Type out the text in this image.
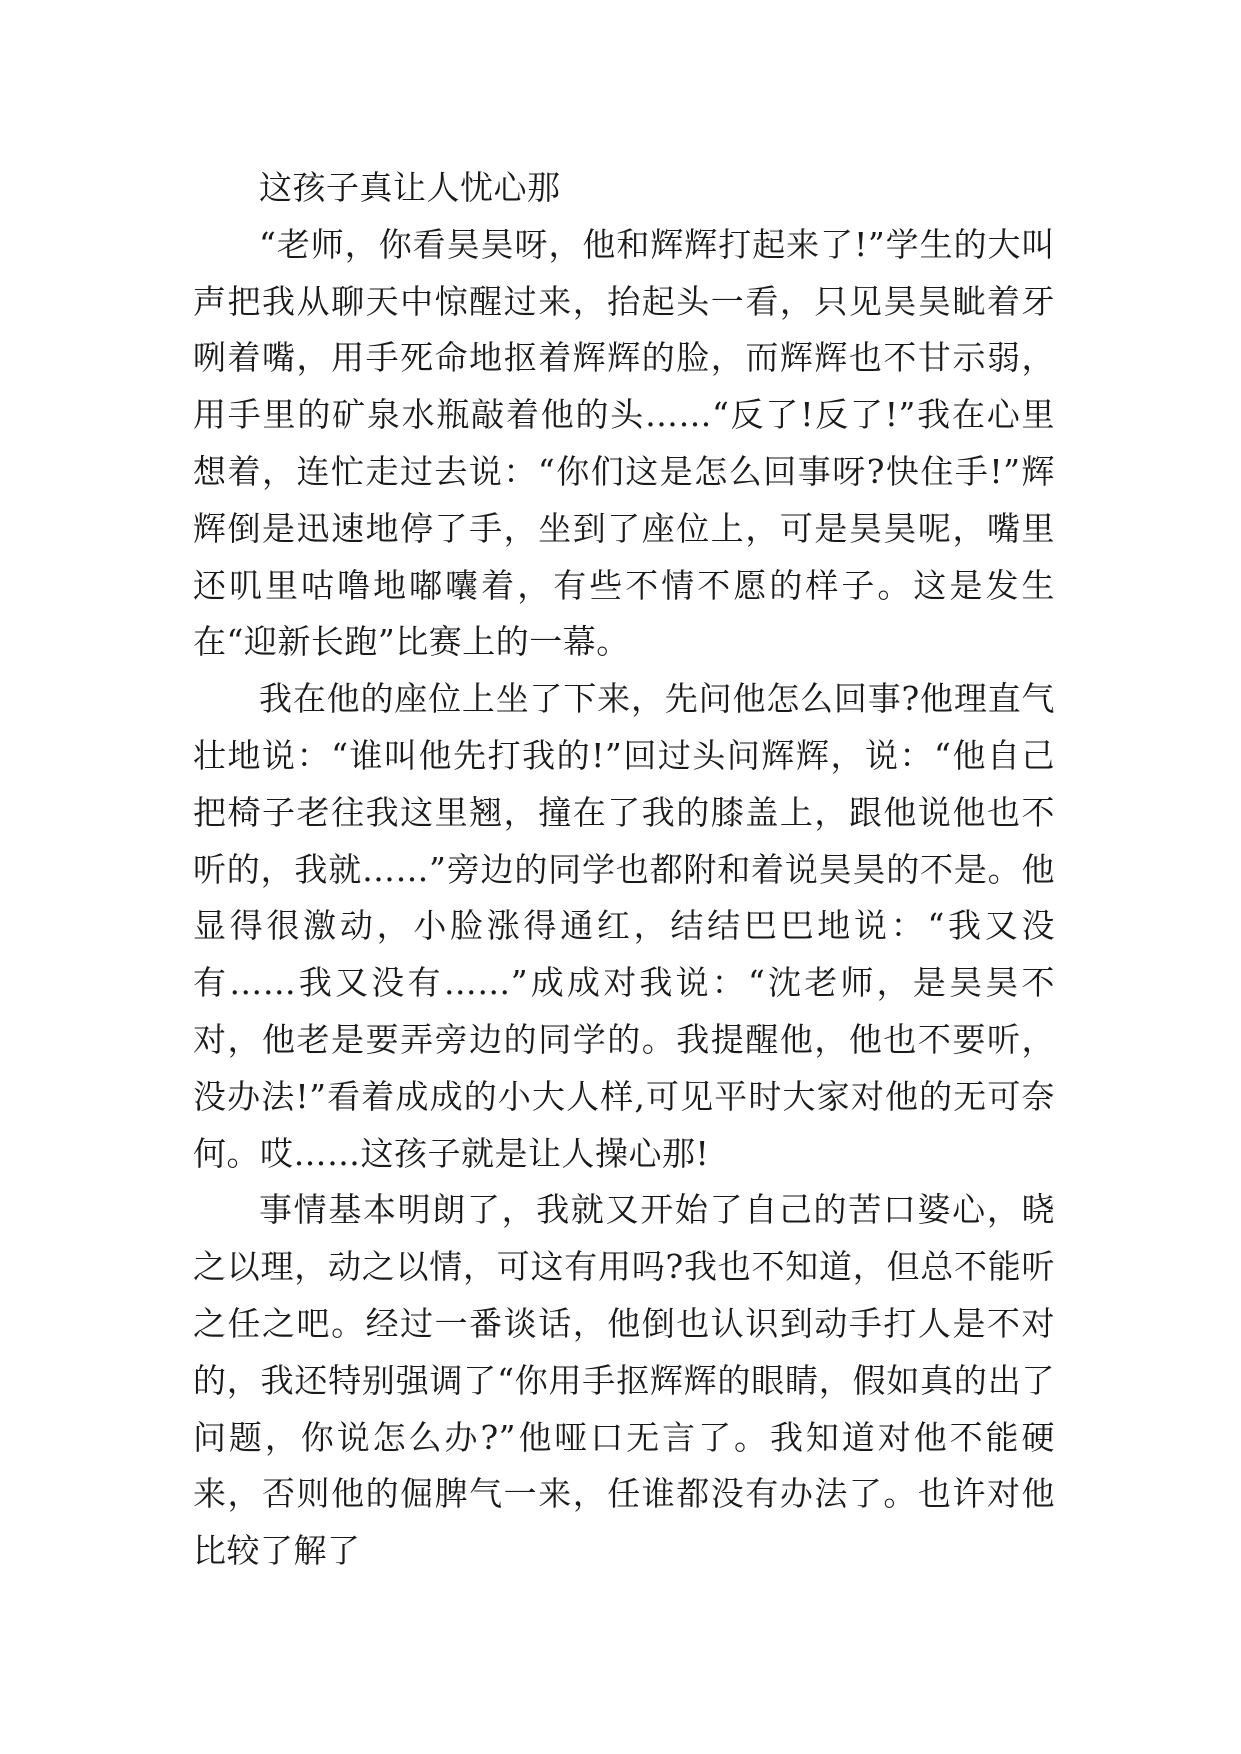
这孩子真让人忧心那

“老师，你看昊昊呀，他和辉辉打起来了!”学生的大叫声把我从聊天中惊醒过来，抬起头一看，只见昊昊眦着牙咧着嘴，用手死命地抠着辉辉的脸，而辉辉也不甘示弱，用手里的矿泉水瓶敲着他的头……“反了!反了!”我在心里想着，连忙走过去说：“你们这是怎么回事呀?快住手!”辉辉倒是迅速地停了手，坐到了座位上，可是昊昊呢，嘴里还叽里咕噜地嘟囔着，有些不情不愿的样子。这是发生在“迎新长跑”比赛上的一幕。

我在他的座位上坐了下来，先问他怎么回事?他理直气壮地说：“谁叫他先打我的!”回过头问辉辉，说：“他自己把椅子老往我这里翘，撞在了我的膝盖上，跟他说他也不听的，我就……”旁边的同学也都附和着说昊昊的不是。他显得很激动，小脸涨得通红，结结巴巴地说：“我又没有……我又没有……”成成对我说：“沈老师，是昊昊不对，他老是要弄旁边的同学的。我提醒他，他也不要听，没办法!”看着成成的小大人样,可见平时大家对他的无可奈何。哎……这孩子就是让人操心那!

事情基本明朗了，我就又开始了自己的苦口婆心，晓之以理，动之以情，可这有用吗?我也不知道，但总不能听之任之吧。经过一番谈话，他倒也认识到动手打人是不对的，我还特别强调了“你用手抠辉辉的眼睛，假如真的出了问题，你说怎么办?”他哑口无言了。我知道对他不能硬来，否则他的倔脾气一来，任谁都没有办法了。也许对他比较了解了
